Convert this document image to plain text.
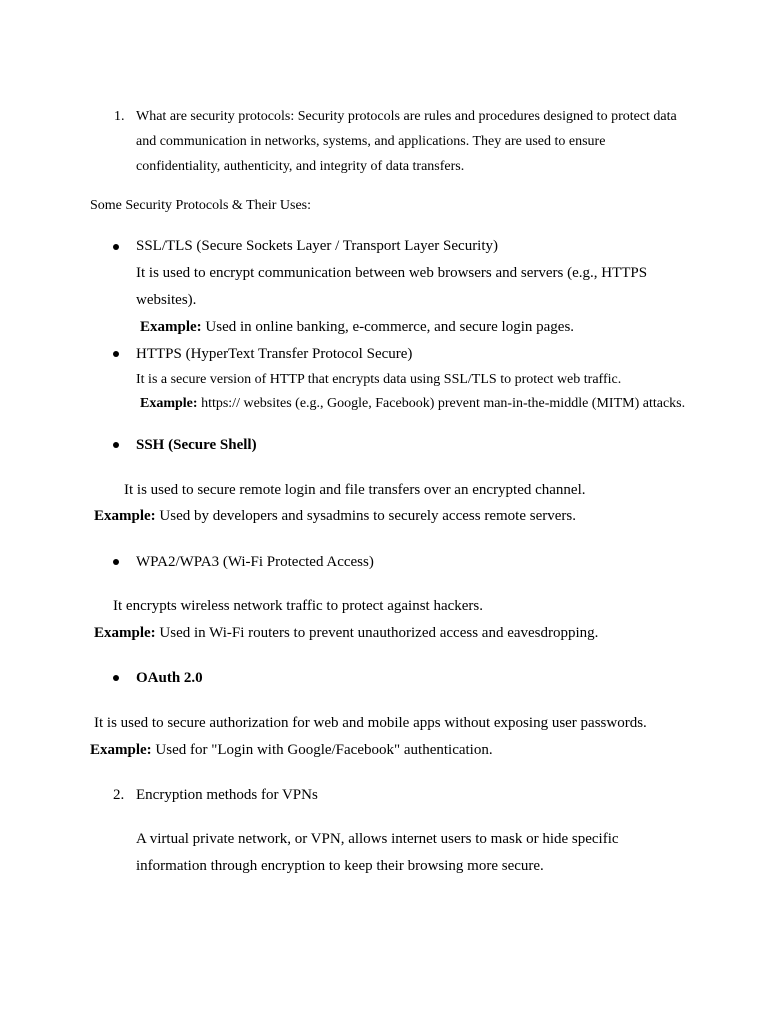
1. What are security protocols: Security protocols are rules and procedures designed to protect data
and communication in networks, systems, and applications. They are used to ensure
confidentiality, authenticity, and integrity of data transfers.
Some Security Protocols & Their Uses:
SSL/TLS (Secure Sockets Layer / Transport Layer Security)
It is used to encrypt communication between web browsers and servers (e.g., HTTPS
websites).
Example: Used in online banking, e-commerce, and secure login pages.
HTTPS (HyperText Transfer Protocol Secure)
It is a secure version of HTTP that encrypts data using SSL/TLS to protect web traffic.
Example: https:// websites (e.g., Google, Facebook) prevent man-in-the-middle (MITM) attacks.
SSH (Secure Shell)
It is used to secure remote login and file transfers over an encrypted channel.
Example: Used by developers and sysadmins to securely access remote servers.
WPA2/WPA3 (Wi-Fi Protected Access)
It encrypts wireless network traffic to protect against hackers.
Example: Used in Wi-Fi routers to prevent unauthorized access and eavesdropping.
OAuth 2.0
It is used to secure authorization for web and mobile apps without exposing user passwords.
Example: Used for "Login with Google/Facebook" authentication.
2. Encryption methods for VPNs
A virtual private network, or VPN, allows internet users to mask or hide specific
information through encryption to keep their browsing more secure.
